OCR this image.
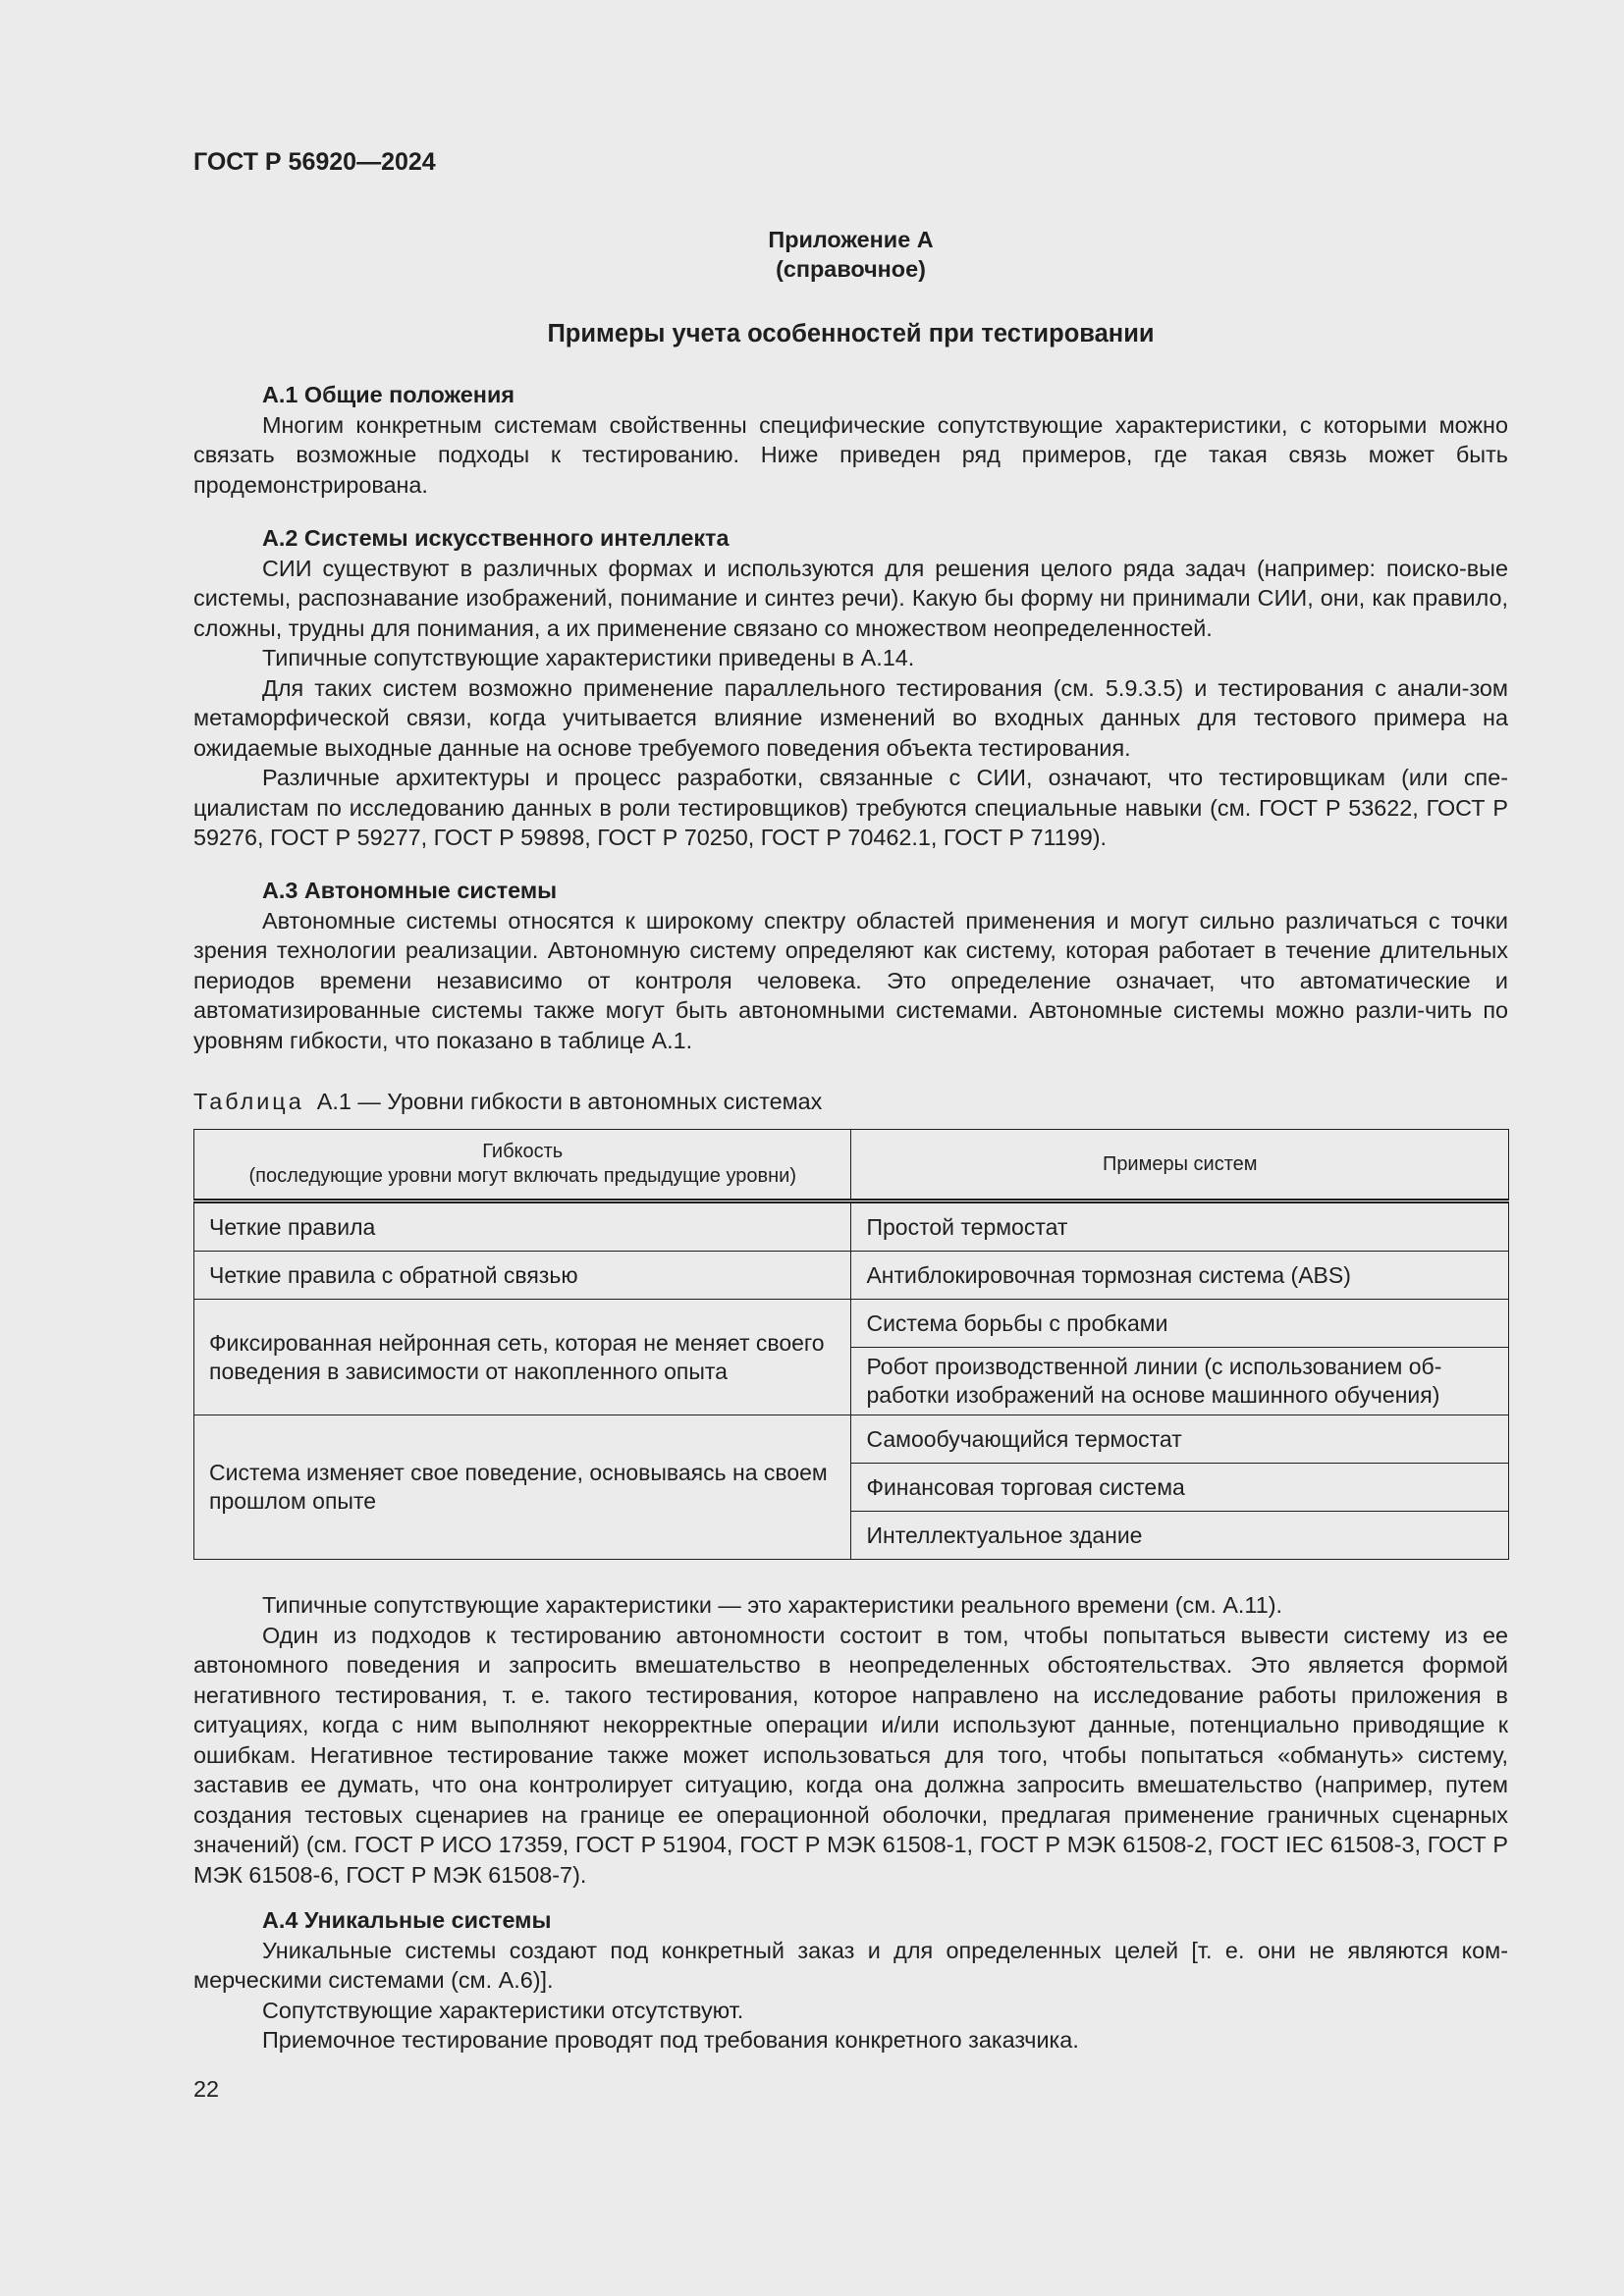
ГОСТ Р 56920—2024
Приложение А
(справочное)
Примеры учета особенностей при тестировании
А.1 Общие положения

Многим конкретным системам свойственны специфические сопутствующие характеристики, с которыми можно связать возможные подходы к тестированию. Ниже приведен ряд примеров, где такая связь может быть продемонстрирована.

А.2 Системы искусственного интеллекта

СИИ существуют в различных формах и используются для решения целого ряда задач (например: поиско-вые системы, распознавание изображений, понимание и синтез речи). Какую бы форму ни принимали СИИ, они, как правило, сложны, трудны для понимания, а их применение связано со множеством неопределенностей.

Типичные сопутствующие характеристики приведены в А.14.

Для таких систем возможно применение параллельного тестирования (см. 5.9.3.5) и тестирования с анали-зом метаморфической связи, когда учитывается влияние изменений во входных данных для тестового примера на ожидаемые выходные данные на основе требуемого поведения объекта тестирования.

Различные архитектуры и процесс разработки, связанные с СИИ, означают, что тестировщикам (или спе-циалистам по исследованию данных в роли тестировщиков) требуются специальные навыки (см. ГОСТ Р 53622, ГОСТ Р 59276, ГОСТ Р 59277, ГОСТ Р 59898, ГОСТ Р 70250, ГОСТ Р 70462.1, ГОСТ Р 71199).

А.3 Автономные системы

Автономные системы относятся к широкому спектру областей применения и могут сильно различаться с точки зрения технологии реализации. Автономную систему определяют как систему, которая работает в течение длительных периодов времени независимо от контроля человека. Это определение означает, что автоматические и автоматизированные системы также могут быть автономными системами. Автономные системы можно разли-чить по уровням гибкости, что показано в таблице А.1.

Таблица А.1 — Уровни гибкости в автономных системах
Гибкость
(последующие уровни могут включать предыдущие уровни)	Примеры систем
Четкие правила	Простой термостат
Четкие правила с обратной связью	Антиблокировочная тормозная система (ABS)
Фиксированная нейронная сеть, которая не меняет своего поведения в зависимости от накопленного опыта	Система борьбы с пробками
	Робот производственной линии (с использованием об-работки изображений на основе машинного обучения)
Система изменяет свое поведение, основываясь на своем прошлом опыте	Самообучающийся термостат
	Финансовая торговая система
	Интеллектуальное здание

Типичные сопутствующие характеристики — это характеристики реального времени (см. А.11).

Один из подходов к тестированию автономности состоит в том, чтобы попытаться вывести систему из ее автономного поведения и запросить вмешательство в неопределенных обстоятельствах. Это является формой негативного тестирования, т. е. такого тестирования, которое направлено на исследование работы приложения в ситуациях, когда с ним выполняют некорректные операции и/или используют данные, потенциально приводящие к ошибкам. Негативное тестирование также может использоваться для того, чтобы попытаться «обмануть» систему, заставив ее думать, что она контролирует ситуацию, когда она должна запросить вмешательство (например, путем создания тестовых сценариев на границе ее операционной оболочки, предлагая применение граничных сценарных значений) (см. ГОСТ Р ИСО 17359, ГОСТ Р 51904, ГОСТ Р МЭК 61508-1, ГОСТ Р МЭК 61508-2, ГОСТ IEC 61508-3, ГОСТ Р МЭК 61508-6, ГОСТ Р МЭК 61508-7).

А.4 Уникальные системы

Уникальные системы создают под конкретный заказ и для определенных целей [т. е. они не являются ком-мерческими системами (см. А.6)].

Сопутствующие характеристики отсутствуют.

Приемочное тестирование проводят под требования конкретного заказчика.

22
